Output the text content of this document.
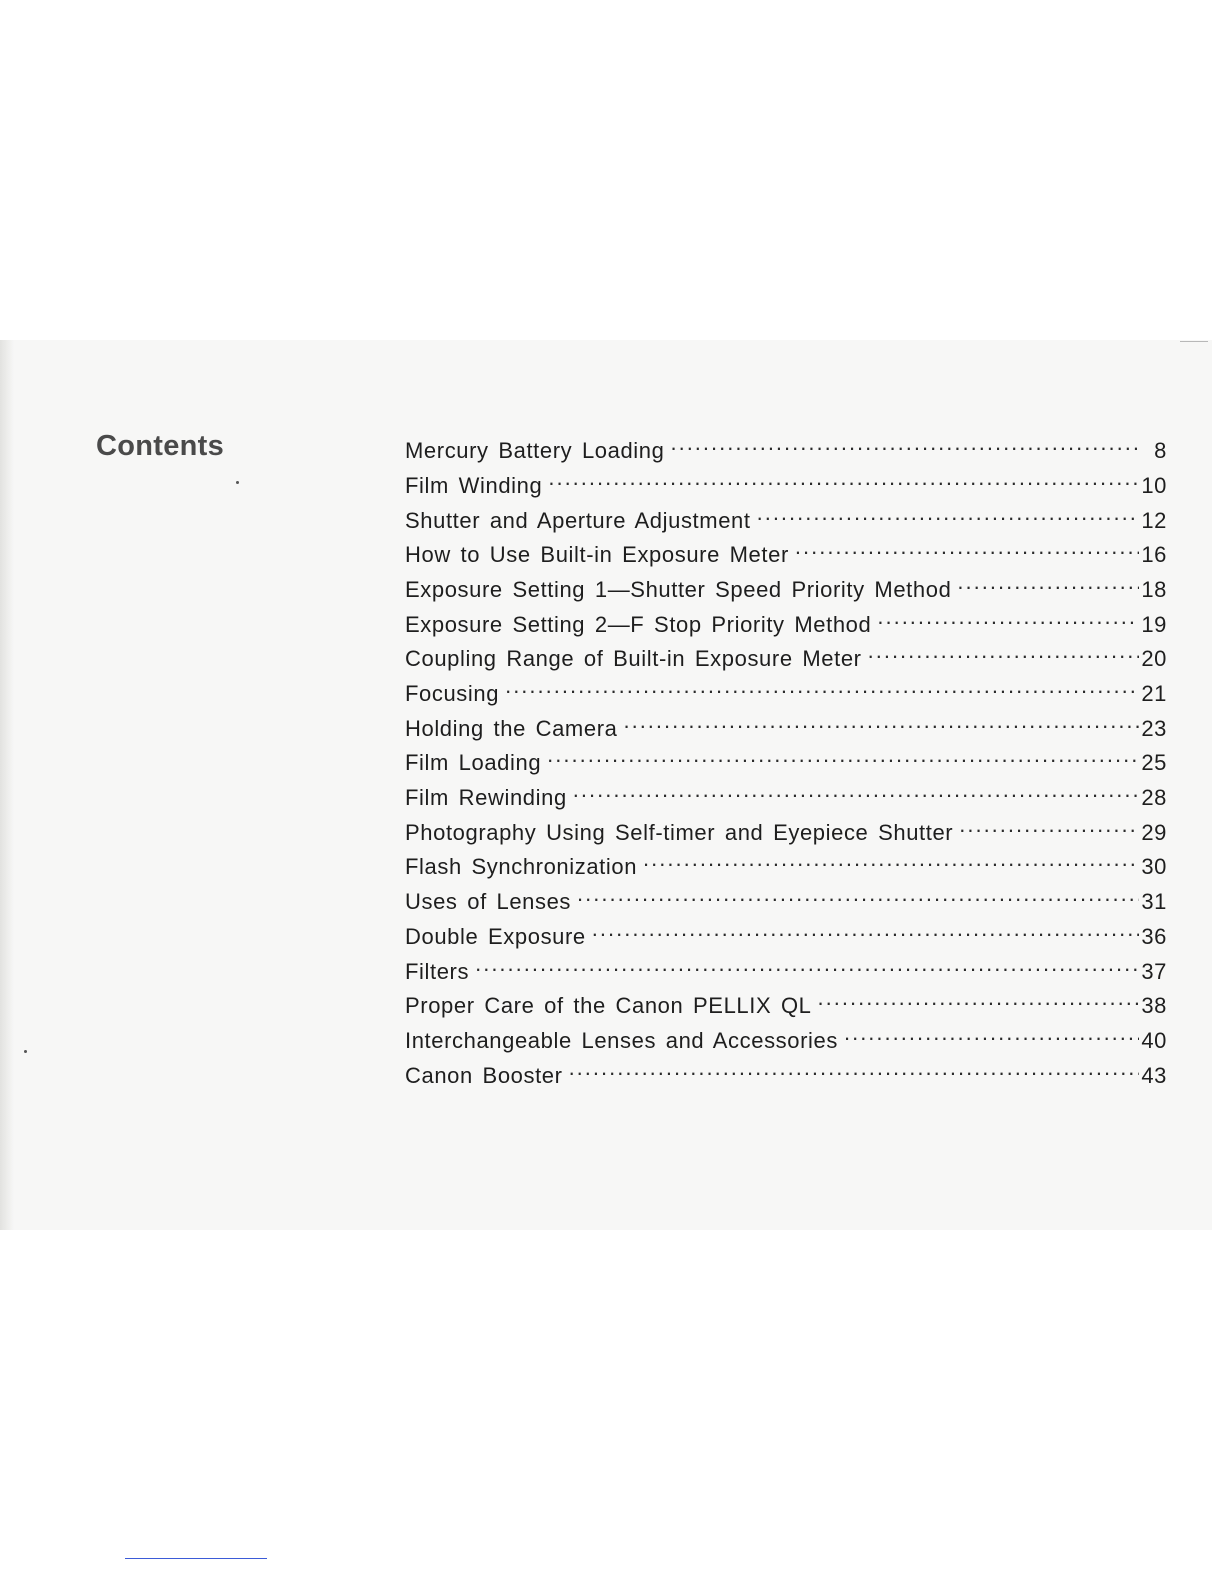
Contents	Mercury Battery Loading .....	8
Film Winding .....	10
Shutter and Aperture Adjustment .....	12
How to Use Built-in Exposure Meter .....	16
Exposure Setting 1—Shutter Speed Priority Method .....	18
Exposure Setting 2—F Stop Priority Method .....	19
Coupling Range of Built-in Exposure Meter .....	20
Focusing .....	21
Holding the Camera .....	23
Film Loading .....	25
Film Rewinding .....	28
Photography Using Self-timer and Eyepiece Shutter .....	29
Flash Synchronization .....	30
Uses of Lenses .....	31
Double Exposure .....	36
Filters .....	37
Proper Care of the Canon PELLIX QL .....	38
Interchangeable Lenses and Accessories .....	40
Canon Booster .....	43
